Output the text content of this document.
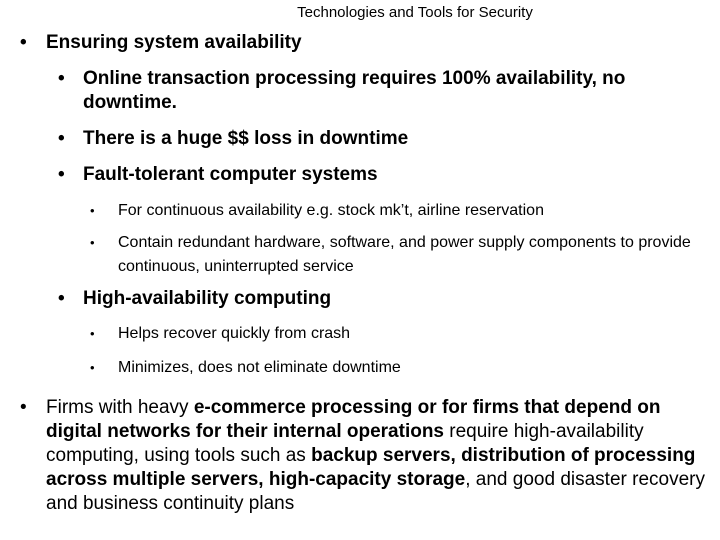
Technologies and Tools for Security
• Ensuring system availability
• Online transaction processing requires 100% availability, no downtime.
• There is a huge $$ loss in downtime
• Fault-tolerant computer systems
• For continuous availability e.g. stock mk’t, airline reservation
• Contain redundant hardware, software, and power supply components to provide continuous, uninterrupted service
• High-availability computing
• Helps recover quickly from crash
• Minimizes, does not eliminate downtime
• Firms with heavy e-commerce processing or for firms that depend on digital networks for their internal operations require high-availability computing, using tools such as backup servers, distribution of processing across multiple servers, high-capacity storage, and good disaster recovery and business continuity plans
